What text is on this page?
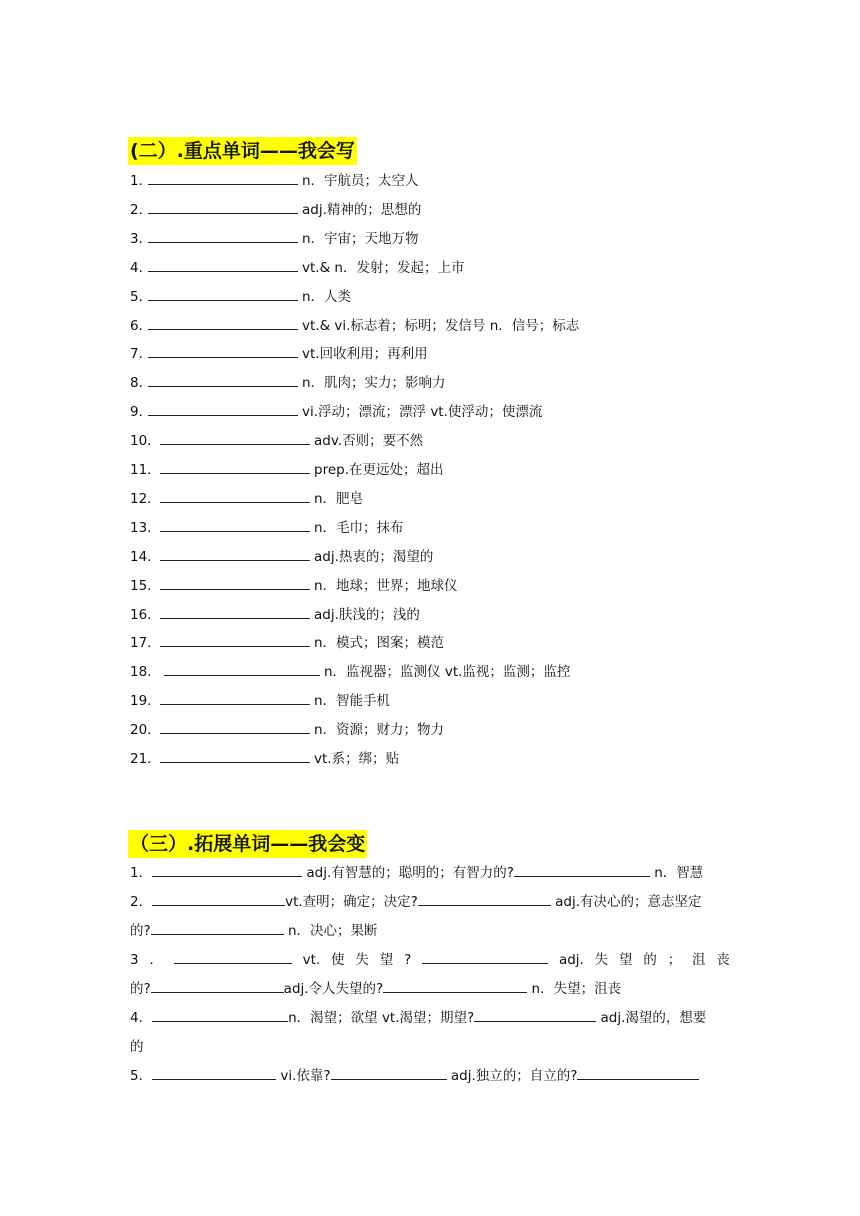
(二）.重点单词——我会写
1．	n．宇航员；太空人
2．	adj.精神的；思想的
3．	n．宇宙；天地万物
4．	vt.& n．发射；发起；上市
5．	n．人类
6．	vt.& vi.标志着；标明；发信号 n．信号；标志
7．	vt.回收利用；再利用
8．	n．肌肉；实力；影响力
9．	vi.浮动；漂流；漂浮 vt.使浮动；使漂流
10．	adv.否则；要不然
11．	prep.在更远处；超出
12．	n．肥皂
13．	n．毛巾；抹布
14．	adj.热衷的；渴望的
15．	n．地球；世界；地球仪
16．	adj.肤浅的；浅的
17．	n．模式；图案；模范
18.	n．监视器；监测仪 vt.监视；监测；监控
19．	n．智能手机
20．	n．资源；财力；物力
21．	vt.系；绑；贴
（三）.拓展单词——我会变
1．	adj.有智慧的；聪明的；有智力的?	n．智慧
2．	vt.查明；确定；决定?	adj.有决心的；意志坚定
的?	n．决心；果断
3 ．	vt. 使 失 望 ?	adj. 失 望 的 ； 沮 丧
的?	adj.令人失望的?	n．失望；沮丧
4．	n．渴望；欲望 vt.渴望；期望?	adj.渴望的，想要
的
5．	vi.依靠?	adj.独立的；自立的?
